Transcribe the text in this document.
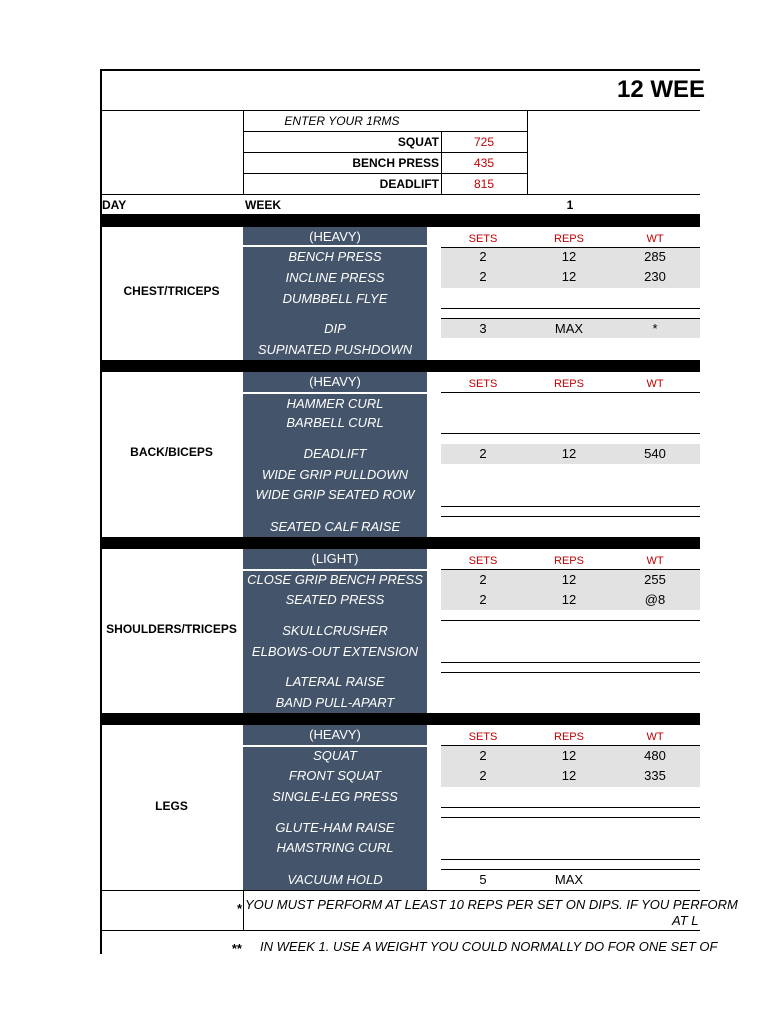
12 WEE
ENTER YOUR 1RMS
SQUAT	725
BENCH PRESS	435
DEADLIFT	815
DAY	WEEK	1
CHEST/TRICEPS
(HEAVY)	SETS	REPS	WT
BENCH PRESS	2	12	285
INCLINE PRESS	2	12	230
DUMBBELL FLYE
DIP	3	MAX	*
SUPINATED PUSHDOWN
BACK/BICEPS
(HEAVY)	SETS	REPS	WT
HAMMER CURL
BARBELL CURL
DEADLIFT	2	12	540
WIDE GRIP PULLDOWN
WIDE GRIP SEATED ROW
SEATED CALF RAISE
SHOULDERS/TRICEPS
(LIGHT)	SETS	REPS	WT
CLOSE GRIP BENCH PRESS	2	12	255
SEATED PRESS	2	12	@8
SKULLCRUSHER
ELBOWS-OUT EXTENSION
LATERAL RAISE
BAND PULL-APART
LEGS
(HEAVY)	SETS	REPS	WT
SQUAT	2	12	480
FRONT SQUAT	2	12	335
SINGLE-LEG PRESS
GLUTE-HAM RAISE
HAMSTRING CURL
VACUUM HOLD	5	MAX
* YOU MUST PERFORM AT LEAST 10 REPS PER SET ON DIPS. IF YOU PERFORM
AT L
** IN WEEK 1. USE A WEIGHT YOU COULD NORMALLY DO FOR ONE SET OF
